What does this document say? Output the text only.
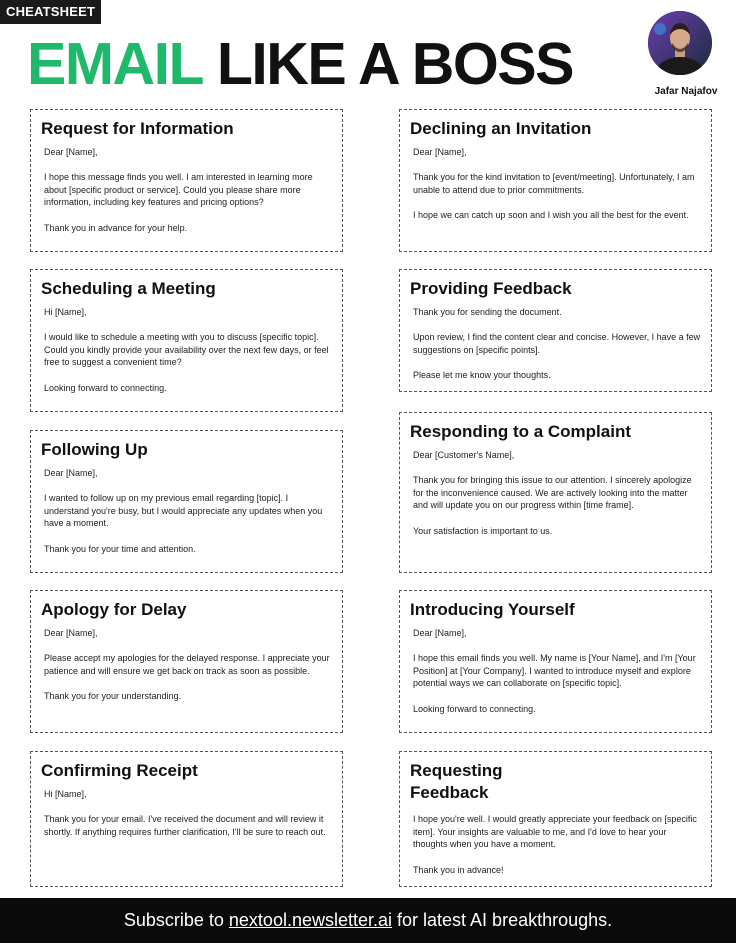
CHEATSHEET
EMAIL LIKE A BOSS	Jafar Najafov
Request for Information

Dear [Name],

I hope this message finds you well. I am interested in learning more about [specific product or service]. Could you please share more information, including key features and pricing options?

Thank you in advance for your help.

Scheduling a Meeting

Hi [Name],

I would like to schedule a meeting with you to discuss [specific topic]. Could you kindly provide your availability over the next few days, or feel free to suggest a convenient time?

Looking forward to connecting.

Following Up

Dear [Name],

I wanted to follow up on my previous email regarding [topic]. I understand you're busy, but I would appreciate any updates when you have a moment.

Thank you for your time and attention.

Apology for Delay

Dear [Name],

Please accept my apologies for the delayed response. I appreciate your patience and will ensure we get back on track as soon as possible.

Thank you for your understanding.

Confirming Receipt

Hi [Name],

Thank you for your email. I've received the document and will review it shortly. If anything requires further clarification, I'll be sure to reach out.

Declining an Invitation

Dear [Name],

Thank you for the kind invitation to [event/meeting]. Unfortunately, I am unable to attend due to prior commitments.

I hope we can catch up soon and I wish you all the best for the event.

Providing Feedback

Thank you for sending the document.

Upon review, I find the content clear and concise. However, I have a few suggestions on [specific points].

Please let me know your thoughts.

Responding to a Complaint

Dear [Customer's Name],

Thank you for bringing this issue to our attention. I sincerely apologize for the inconvenience caused. We are actively looking into the matter and will update you on our progress within [time frame].

Your satisfaction is important to us.

Introducing Yourself

Dear [Name],

I hope this email finds you well. My name is [Your Name], and I'm [Your Position] at [Your Company]. I wanted to introduce myself and explore potential ways we can collaborate on [specific topic].

Looking forward to connecting.

Requesting

I hope you're well. I would greatly appreciate your feedback on [specific item]. Your insights are valuable to me, and I'd love to hear your thoughts when you have a moment.

Thank you in advance!

Feedback
Subscribe to nextool.newsletter.ai for latest AI breakthroughs.
